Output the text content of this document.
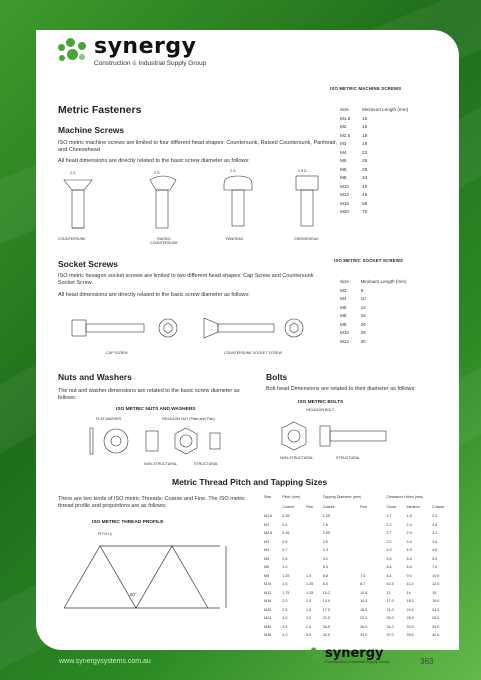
synergy
Construction & Industrial Supply Group
Metric Fasteners
Machine Screws
ISO metric machine screws are limited to four different head shapes: Countersunk, Raised Countersunk, Panhead, and Cheesehead
All head dimensions are directly related to the basic screw diameter as follows:
2 D	2 D	2 D	1.5 D
COUNTERSUNK	RAISED COUNTERSUNK
PANHEAD	CHEESEHEAD
ISO METRIC MACHINE SCREWS
Size	Minimum Length (mm)
M1.6	15
M2	16
M2.5	18
M3	19
M4	22
M5	25
M6	28
M8	34
M10	40
M12	46
M16	58
M20	70
Socket Screws
ISO metric hexagon socket screws are limited to two different head shapes: Cap Screw and Countersunk Socket Screw.
All head dimensions are directly related to the basic screw diameter as follows:
CAP SCREW	COUNTERSUNK SOCKET SCREW
ISO METRIC SOCKET SCREWS
Size	Minimum Length (mm)
M3	9
M4	10
M5	12
M6	16
M8	20
M10	25
M12	30
Nuts and Washers
The nut and washer dimensions are related to the basic screw diameter as follows:
ISO METRIC NUTS AND WASHERS
FLAT WASHER	HEXAGON NUT (Plain and Thin)
NON-STRUCTURAL	STRUCTURAL
Bolts
Bolt head Dimensions are related to their diameter as follows:
ISO METRIC BOLTS
HEXAGON BOLT
NON-STRUCTURAL	STRUCTURAL
Metric Thread Pitch and Tapping Sizes
There are two kinds of ISO metric Threads: Coarse and Fine. The ISO metric thread profile and proportions are as follows:
ISO METRIC THREAD PROFILE
PITCH p
60°
Size	Pitch (mm)		Tapping Diameter (mm)		Clearance Holes (mm)		
	Coarse	Fine	Coarse	Fine	Close	Medium	Coarse
M1.6	0.35		1.25		1.7	1.8	2.0
M2	0.4		1.6		2.2	2.4	2.6
M2.5	0.45		2.05		2.7	2.9	3.1
M3	0.5		2.5		3.2	3.4	3.6
M4	0.7		3.3		4.3	4.5	4.8
M5	0.8		4.2		5.3	5.5	5.8
M6	1.0		5.0		6.4	6.6	7.0
M8	1.25	1.0	6.8	7.0	8.4	9.0	10.0
M10	1.5	1.25	8.5	8.7	10.5	11.0	12.0
M12	1.75	1.25	10.2	10.8	13	14	15
M16	2.0	1.5	14.0	14.5	17.0	18.0	19.0
M20	2.5	1.5	17.5	18.5	21.0	22.0	24.0
M24	3.0	2.0	21.0	22.0	25.0	26.0	28.0
M30	3.5	2.0	26.5	28.0	31.0	33.0	35.0
M36	4.0	3.0	32.0	33.0	37.0	39.0	42.0
www.synergysystems.com.au
synergy
Construction | Industrial Supply Group	363
